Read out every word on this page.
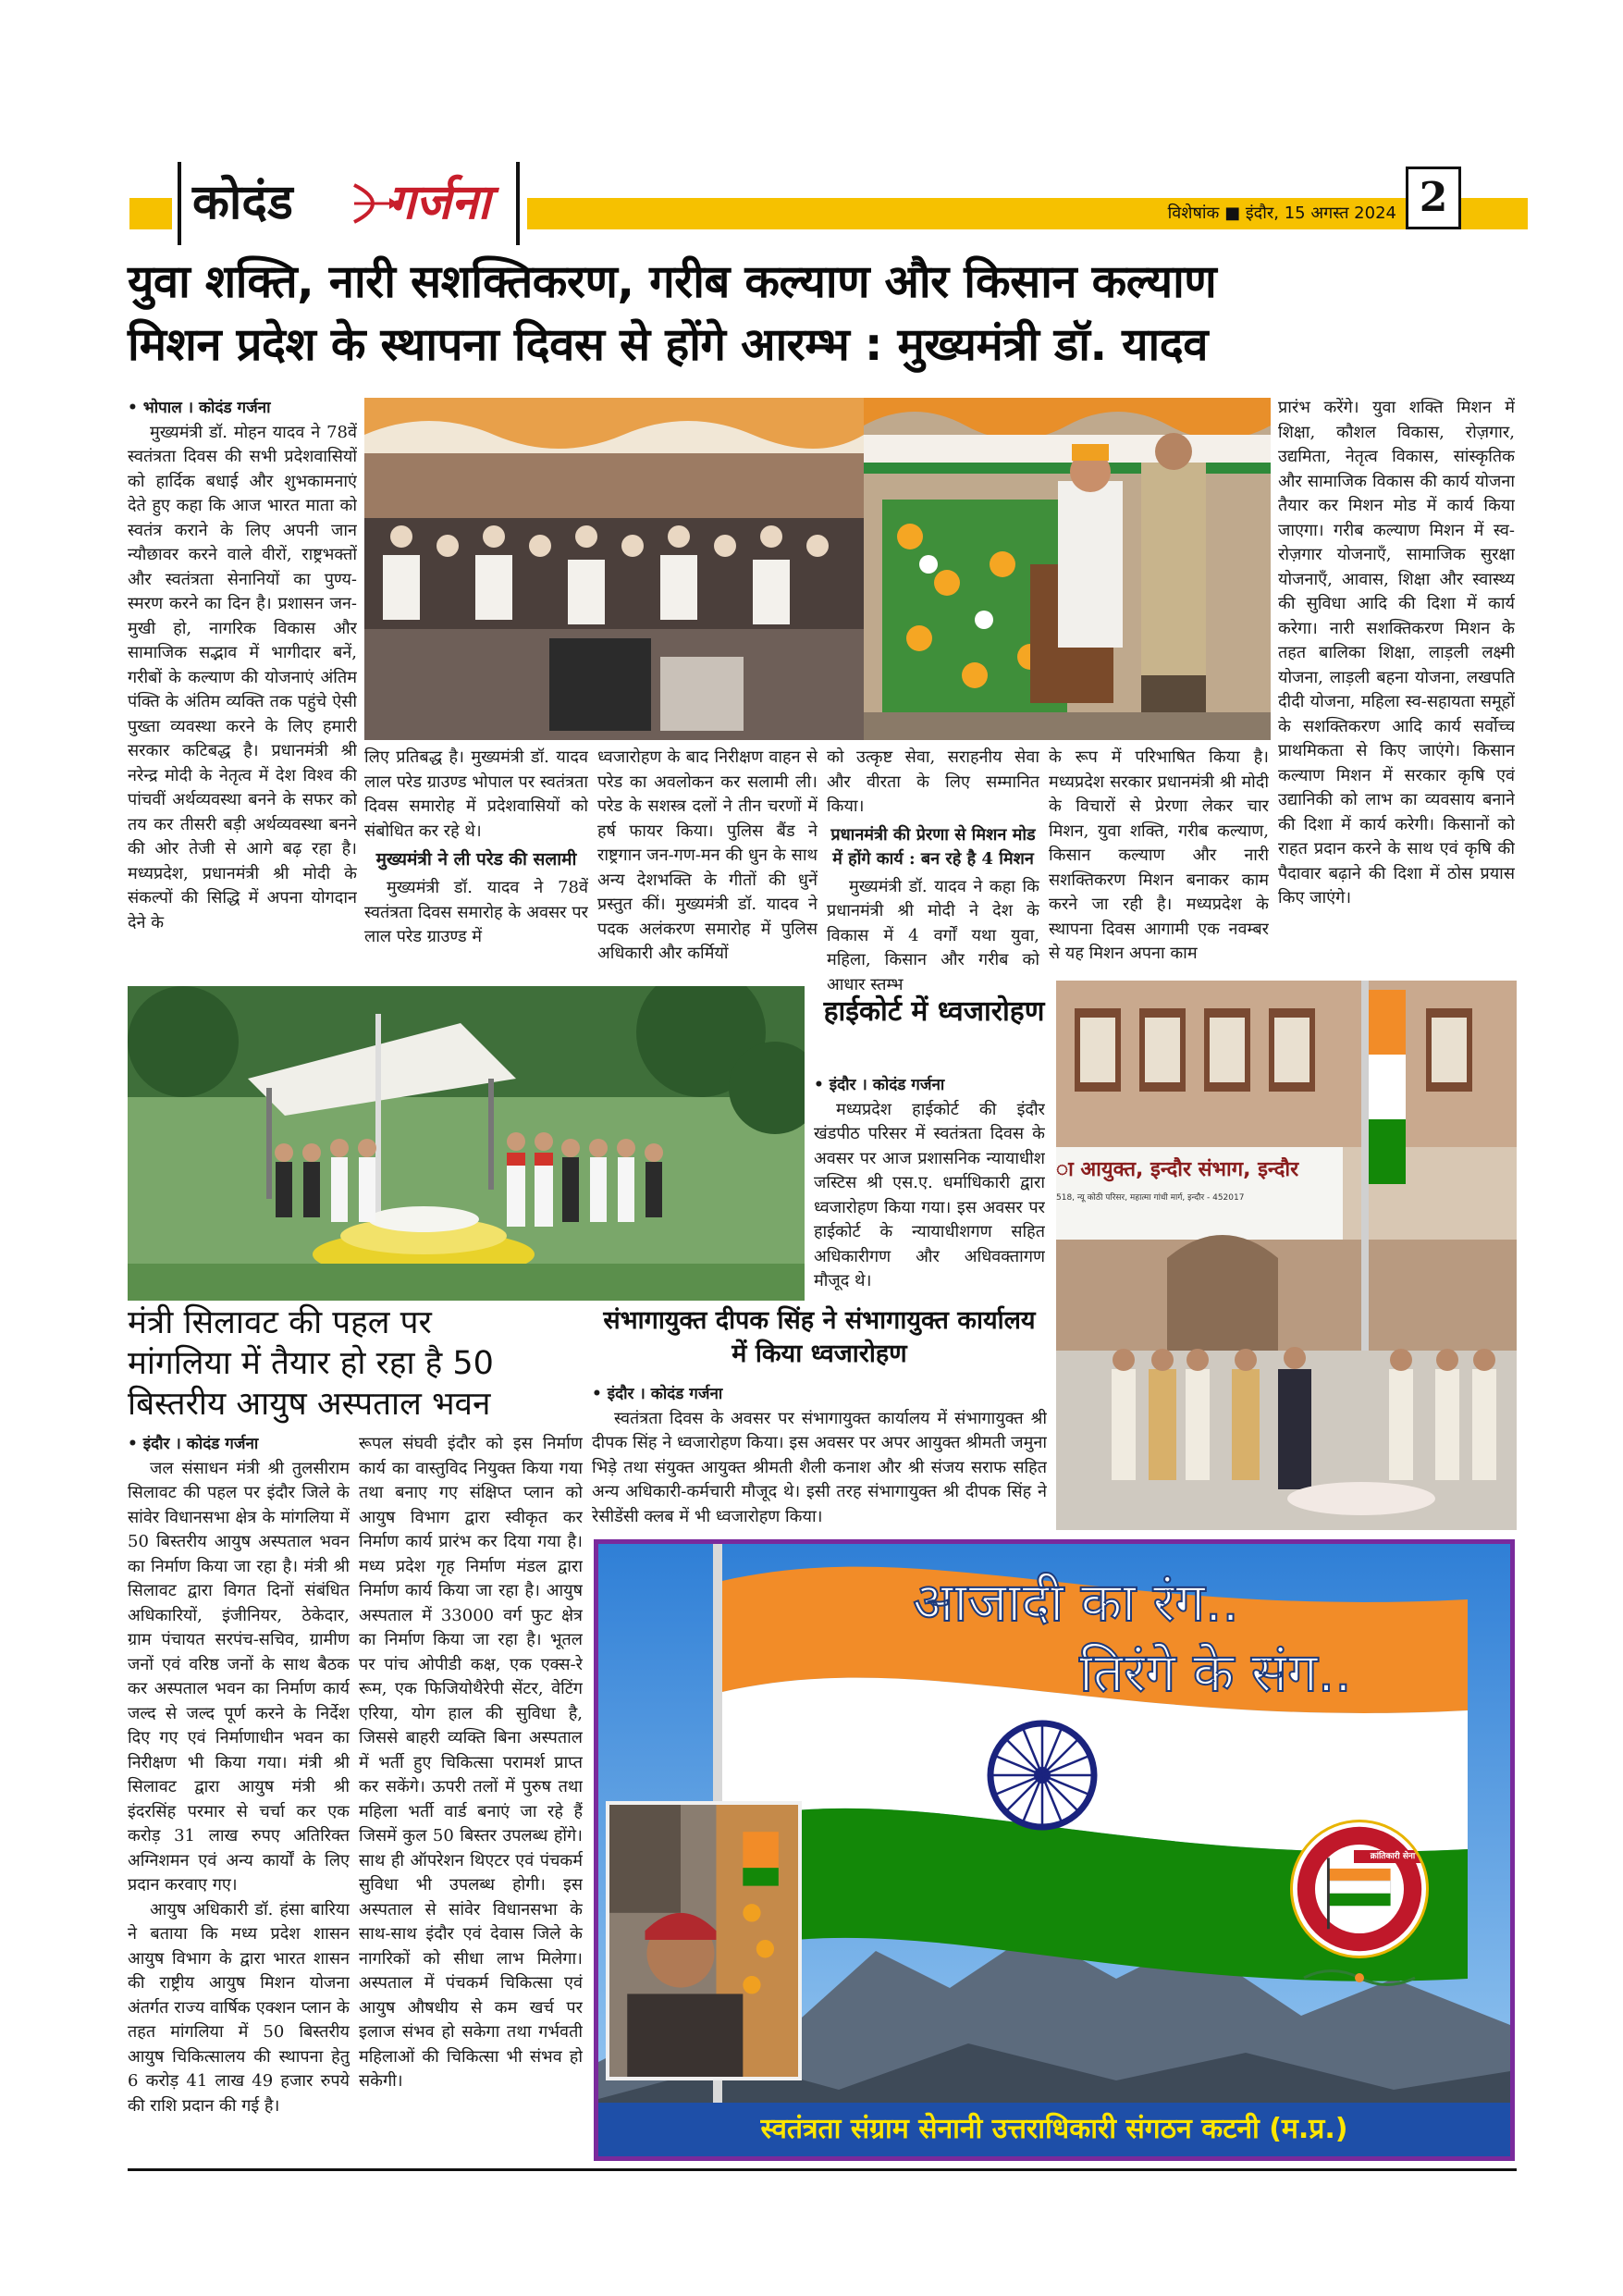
कोदंड गर्जना	विशेषांक ■ इंदौर, 15 अगस्त 2024 2
युवा शक्ति, नारी सशक्तिकरण, गरीब कल्याण और किसान कल्याण
मिशन प्रदेश के स्थापना दिवस से होंगे आरम्भ : मुख्यमंत्री डॉ. यादव
• भोपाल । कोदंड गर्जना

मुख्यमंत्री डॉ. मोहन यादव ने 78वें स्वतंत्रता दिवस की सभी प्रदेशवासियों को हार्दिक बधाई और शुभकामनाएं देते हुए कहा कि आज भारत माता को स्वतंत्र कराने के लिए अपनी जान न्यौछावर करने वाले वीरों, राष्ट्रभक्तों और स्वतंत्रता सेनानियों का पुण्य-स्मरण करने का दिन है। प्रशासन जन-मुखी हो, नागरिक विकास और सामाजिक सद्भाव में भागीदार बनें, गरीबों के कल्याण की योजनाएं अंतिम पंक्ति के अंतिम व्यक्ति तक पहुंचे ऐसी पुख्ता व्यवस्था करने के लिए हमारी सरकार कटिबद्ध है। प्रधानमंत्री श्री नरेन्द्र मोदी के नेतृत्व में देश विश्व की पांचवीं अर्थव्यवस्था बनने के सफर को तय कर तीसरी बड़ी अर्थव्यवस्था बनने की ओर तेजी से आगे बढ़ रहा है। मध्यप्रदेश, प्रधानमंत्री श्री मोदी के संकल्पों की सिद्धि में अपना योगदान देने के

लिए प्रतिबद्ध है। मुख्यमंत्री डॉ. यादव लाल परेड ग्राउण्ड भोपाल पर स्वतंत्रता दिवस समारोह में प्रदेशवासियों को संबोधित कर रहे थे।

मुख्यमंत्री ने ली परेड की सलामी

मुख्यमंत्री डॉ. यादव ने 78वें स्वतंत्रता दिवस समारोह के अवसर पर लाल परेड ग्राउण्ड में

ध्वजारोहण के बाद निरीक्षण वाहन से परेड का अवलोकन कर सलामी ली। परेड के सशस्त्र दलों ने तीन चरणों में हर्ष फायर किया। पुलिस बैंड ने राष्ट्रगान जन-गण-मन की धुन के साथ अन्य देशभक्ति के गीतों की धुनें प्रस्तुत कीं। मुख्यमंत्री डॉ. यादव ने पदक अलंकरण समारोह में पुलिस अधिकारी और कर्मियों

को उत्कृष्ट सेवा, सराहनीय सेवा और वीरता के लिए सम्मानित किया।

प्रधानमंत्री की प्रेरणा से मिशन मोड में होंगे कार्य : बन रहे है 4 मिशन

मुख्यमंत्री डॉ. यादव ने कहा कि प्रधानमंत्री श्री मोदी ने देश के विकास में 4 वर्गों यथा युवा, महिला, किसान और गरीब को आधार स्तम्भ

के रूप में परिभाषित किया है। मध्यप्रदेश सरकार प्रधानमंत्री श्री मोदी के विचारों से प्रेरणा लेकर चार मिशन, युवा शक्ति, गरीब कल्याण, किसान कल्याण और नारी सशक्तिकरण मिशन बनाकर काम करने जा रही है। मध्यप्रदेश के स्थापना दिवस आगामी एक नवम्बर से यह मिशन अपना काम

प्रारंभ करेंगे। युवा शक्ति मिशन में शिक्षा, कौशल विकास, रोज़गार, उद्यमिता, नेतृत्व विकास, सांस्कृतिक और सामाजिक विकास की कार्य योजना तैयार कर मिशन मोड में कार्य किया जाएगा। गरीब कल्याण मिशन में स्व-रोज़गार योजनाएँ, सामाजिक सुरक्षा योजनाएँ, आवास, शिक्षा और स्वास्थ्य की सुविधा आदि की दिशा में कार्य करेगा। नारी सशक्तिकरण मिशन के तहत बालिका शिक्षा, लाड़ली लक्ष्मी योजना, लाड़ली बहना योजना, लखपति दीदी योजना, महिला स्व-सहायता समूहों के सशक्तिकरण आदि कार्य सर्वोच्च प्राथमिकता से किए जाएंगे। किसान कल्याण मिशन में सरकार कृषि एवं उद्यानिकी को लाभ का व्यवसाय बनाने की दिशा में कार्य करेगी। किसानों को राहत प्रदान करने के साथ एवं कृषि की पैदावार बढ़ाने की दिशा में ठोस प्रयास किए जाएंगे।

हाईकोर्ट में ध्वजारोहण
• इंदौर । कोदंड गर्जना

मध्यप्रदेश हाईकोर्ट की इंदौर खंडपीठ परिसर में स्वतंत्रता दिवस के अवसर पर आज प्रशासनिक न्यायाधीश जस्टिस श्री एस.ए. धर्माधिकारी द्वारा ध्वजारोहण किया गया। इस अवसर पर हाईकोर्ट के न्यायाधीशगण सहित अधिकारीगण और अधिवक्तागण मौजूद थे।

ा आयुक्त, इन्दौर संभाग, इन्दौर
518, न्यू कोठी परिसर, महात्मा गांधी मार्ग, इन्दौर - 452017
मंत्री सिलावट की पहल पर
मांगलिया में तैयार हो रहा है 50
बिस्तरीय आयुष अस्पताल भवन
• इंदौर । कोदंड गर्जना

जल संसाधन मंत्री श्री तुलसीराम सिलावट की पहल पर इंदौर जिले के सांवेर विधानसभा क्षेत्र के मांगलिया में 50 बिस्तरीय आयुष अस्पताल भवन का निर्माण किया जा रहा है। मंत्री श्री सिलावट द्वारा विगत दिनों संबंधित अधिकारियों, इंजीनियर, ठेकेदार, ग्राम पंचायत सरपंच-सचिव, ग्रामीण जनों एवं वरिष्ठ जनों के साथ बैठक कर अस्पताल भवन का निर्माण कार्य जल्द से जल्द पूर्ण करने के निर्देश दिए गए एवं निर्माणाधीन भवन का निरीक्षण भी किया गया। मंत्री श्री सिलावट द्वारा आयुष मंत्री श्री इंदरसिंह परमार से चर्चा कर एक करोड़ 31 लाख रुपए अतिरिक्त अग्निशमन एवं अन्य कार्यों के लिए प्रदान करवाए गए।

आयुष अधिकारी डॉ. हंसा बारिया ने बताया कि मध्य प्रदेश शासन आयुष विभाग के द्वारा भारत शासन की राष्ट्रीय आयुष मिशन योजना अंतर्गत राज्य वार्षिक एक्शन प्लान के तहत मांगलिया में 50 बिस्तरीय आयुष चिकित्सालय की स्थापना हेतु 6 करोड़ 41 लाख 49 हजार रुपये की राशि प्रदान की गई है।

रूपल संघवी इंदौर को इस निर्माण कार्य का वास्तुविद नियुक्त किया गया तथा बनाए गए संक्षिप्त प्लान को आयुष विभाग द्वारा स्वीकृत कर निर्माण कार्य प्रारंभ कर दिया गया है। मध्य प्रदेश गृह निर्माण मंडल द्वारा निर्माण कार्य किया जा रहा है। आयुष अस्पताल में 33000 वर्ग फुट क्षेत्र का निर्माण किया जा रहा है। भूतल पर पांच ओपीडी कक्ष, एक एक्स-रे रूम, एक फिजियोथैरेपी सेंटर, वेटिंग एरिया, योग हाल की सुविधा है, जिससे बाहरी व्यक्ति बिना अस्पताल में भर्ती हुए चिकित्सा परामर्श प्राप्त कर सकेंगे। ऊपरी तलों में पुरुष तथा महिला भर्ती वार्ड बनाएं जा रहे हैं जिसमें कुल 50 बिस्तर उपलब्ध होंगे। साथ ही ऑपरेशन थिएटर एवं पंचकर्म सुविधा भी उपलब्ध होगी। इस अस्पताल से सांवेर विधानसभा के साथ-साथ इंदौर एवं देवास जिले के नागरिकों को सीधा लाभ मिलेगा। अस्पताल में पंचकर्म चिकित्सा एवं आयुष औषधीय से कम खर्च पर इलाज संभव हो सकेगा तथा गर्भवती महिलाओं की चिकित्सा भी संभव हो सकेगी।

संभागायुक्त दीपक सिंह ने संभागायुक्त कार्यालय में किया ध्वजारोहण
• इंदौर । कोदंड गर्जना

स्वतंत्रता दिवस के अवसर पर संभागायुक्त कार्यालय में संभागायुक्त श्री दीपक सिंह ने ध्वजारोहण किया। इस अवसर पर अपर आयुक्त श्रीमती जमुना भिड़े तथा संयुक्त आयुक्त श्रीमती शैली कनाश और श्री संजय सराफ सहित अन्य अधिकारी-कर्मचारी मौजूद थे। इसी तरह संभागायुक्त श्री दीपक सिंह ने रेसीडेंसी क्लब में भी ध्वजारोहण किया।

आजादी का रंग..
तिरंगे के संग..
क्रांतिकारी सेना
स्वतंत्रता संग्राम सेनानी उत्तराधिकारी संगठन कटनी (म.प्र.)
